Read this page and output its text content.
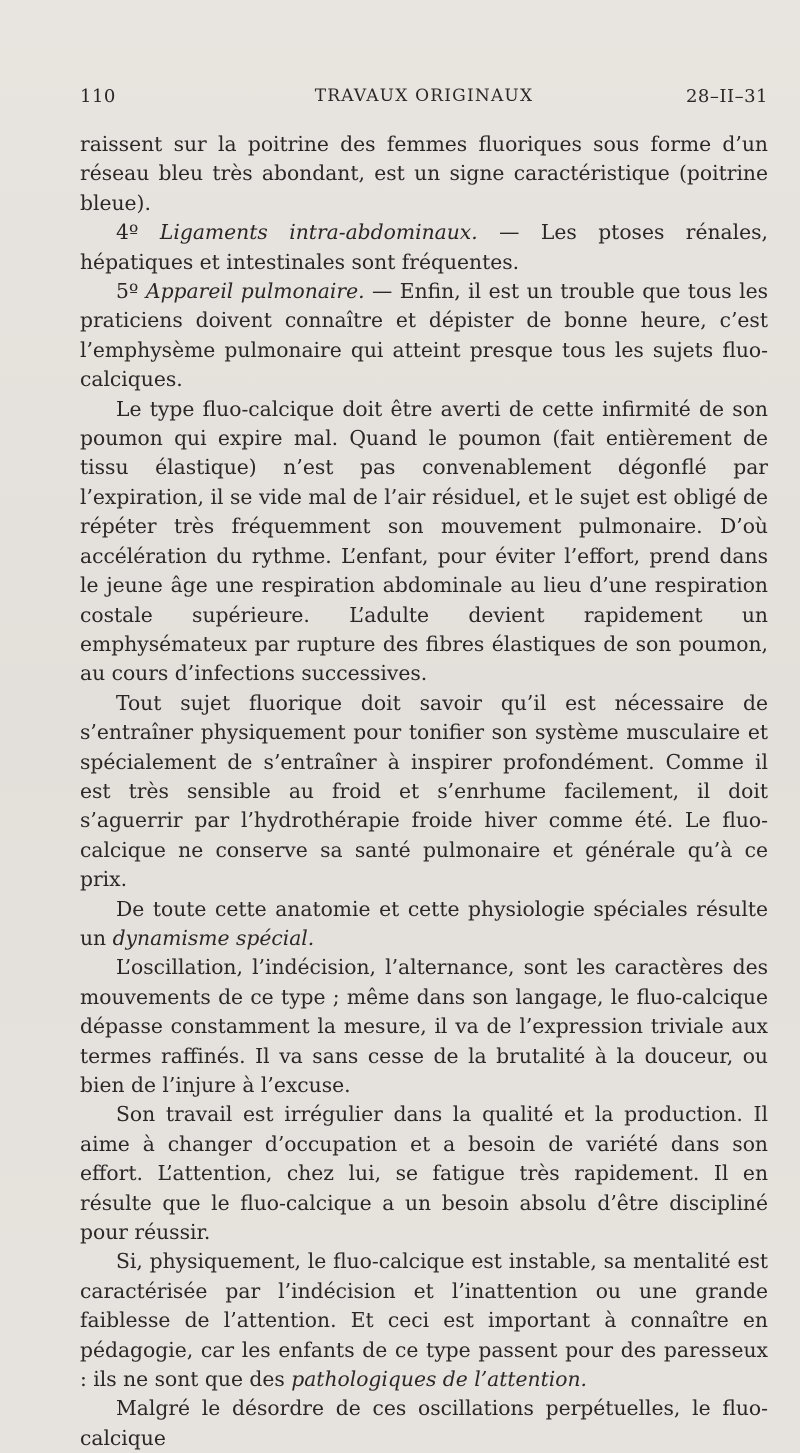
110	TRAVAUX ORIGINAUX	28–II–31

raissent sur la poitrine des femmes fluoriques sous forme d’un réseau bleu très abondant, est un signe caractéristique (poitrine bleue).

4º Ligaments intra-abdominaux. — Les ptoses rénales, hépatiques et intestinales sont fréquentes.

5º Appareil pulmonaire. — Enfin, il est un trouble que tous les praticiens doivent connaître et dépister de bonne heure, c’est l’emphysème pulmonaire qui atteint presque tous les sujets fluo-calciques.

Le type fluo-calcique doit être averti de cette infirmité de son poumon qui expire mal. Quand le poumon (fait entièrement de tissu élastique) n’est pas convenablement dégonflé par l’expiration, il se vide mal de l’air résiduel, et le sujet est obligé de répéter très fréquemment son mouvement pulmonaire. D’où accélération du rythme. L’enfant, pour éviter l’effort, prend dans le jeune âge une respiration abdominale au lieu d’une respiration costale supérieure. L’adulte devient rapidement un emphysémateux par rupture des fibres élastiques de son poumon, au cours d’infections successives.

Tout sujet fluorique doit savoir qu’il est nécessaire de s’entraîner physiquement pour tonifier son système musculaire et spécialement de s’entraîner à inspirer profondément. Comme il est très sensible au froid et s’enrhume facilement, il doit s’aguerrir par l’hydrothérapie froide hiver comme été. Le fluo-calcique ne conserve sa santé pulmonaire et générale qu’à ce prix.

De toute cette anatomie et cette physiologie spéciales résulte un dynamisme spécial.

L’oscillation, l’indécision, l’alternance, sont les caractères des mouvements de ce type ; même dans son langage, le fluo-calcique dépasse constamment la mesure, il va de l’expression triviale aux termes raffinés. Il va sans cesse de la brutalité à la douceur, ou bien de l’injure à l’excuse.

Son travail est irrégulier dans la qualité et la production. Il aime à changer d’occupation et a besoin de variété dans son effort. L’attention, chez lui, se fatigue très rapidement. Il en résulte que le fluo-calcique a un besoin absolu d’être discipliné pour réussir.

Si, physiquement, le fluo-calcique est instable, sa mentalité est caractérisée par l’indécision et l’inattention ou une grande faiblesse de l’attention. Et ceci est important à connaître en pédagogie, car les enfants de ce type passent pour des paresseux : ils ne sont que des pathologiques de l’attention.

Malgré le désordre de ces oscillations perpétuelles, le fluo-calcique
